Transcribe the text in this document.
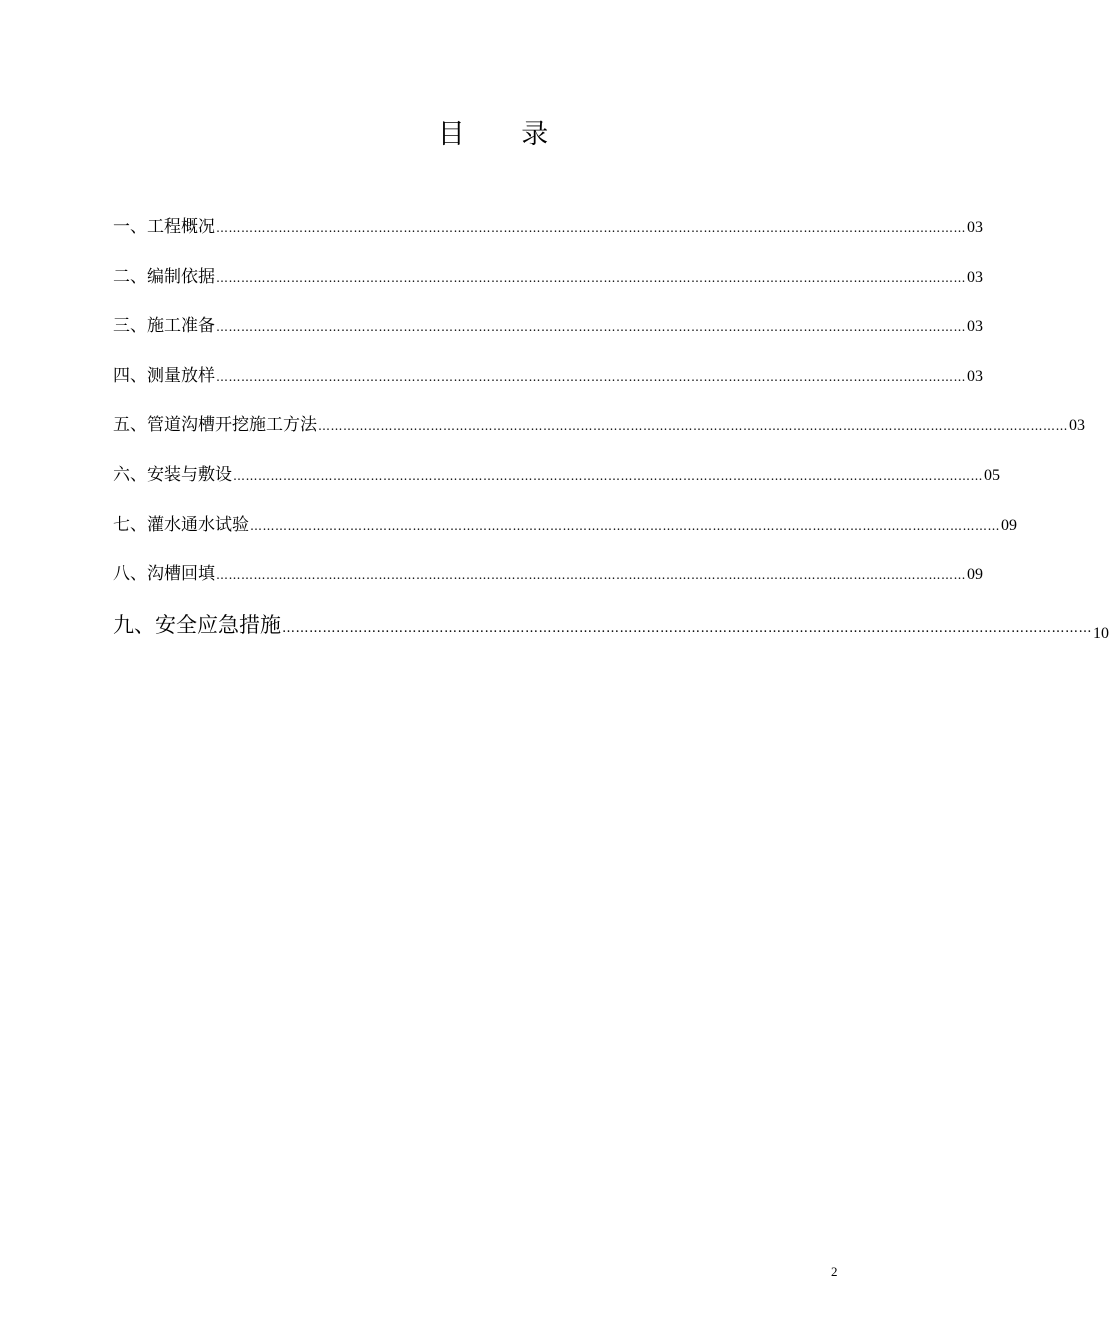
目 录
一、工程概况 ……………………………………………………………………………………………………………………………………………………………… 03
二、编制依据 ……………………………………………………………………………………………………………………………………………………………… 03
三、施工准备 ……………………………………………………………………………………………………………………………………………………………… 03
四、测量放样 ……………………………………………………………………………………………………………………………………………………………… 03
五、管道沟槽开挖施工方法 ……………………………………………………………………………………………………………………………………………………………… 03
六、安装与敷设 ……………………………………………………………………………………………………………………………………………………………… 05
七、灌水通水试验 ……………………………………………………………………………………………………………………………………………………………… 09
八、沟槽回填 ……………………………………………………………………………………………………………………………………………………………… 09
九、安全应急措施 ……………………………………………………………………………………………………………………………………………………………… 10
2
